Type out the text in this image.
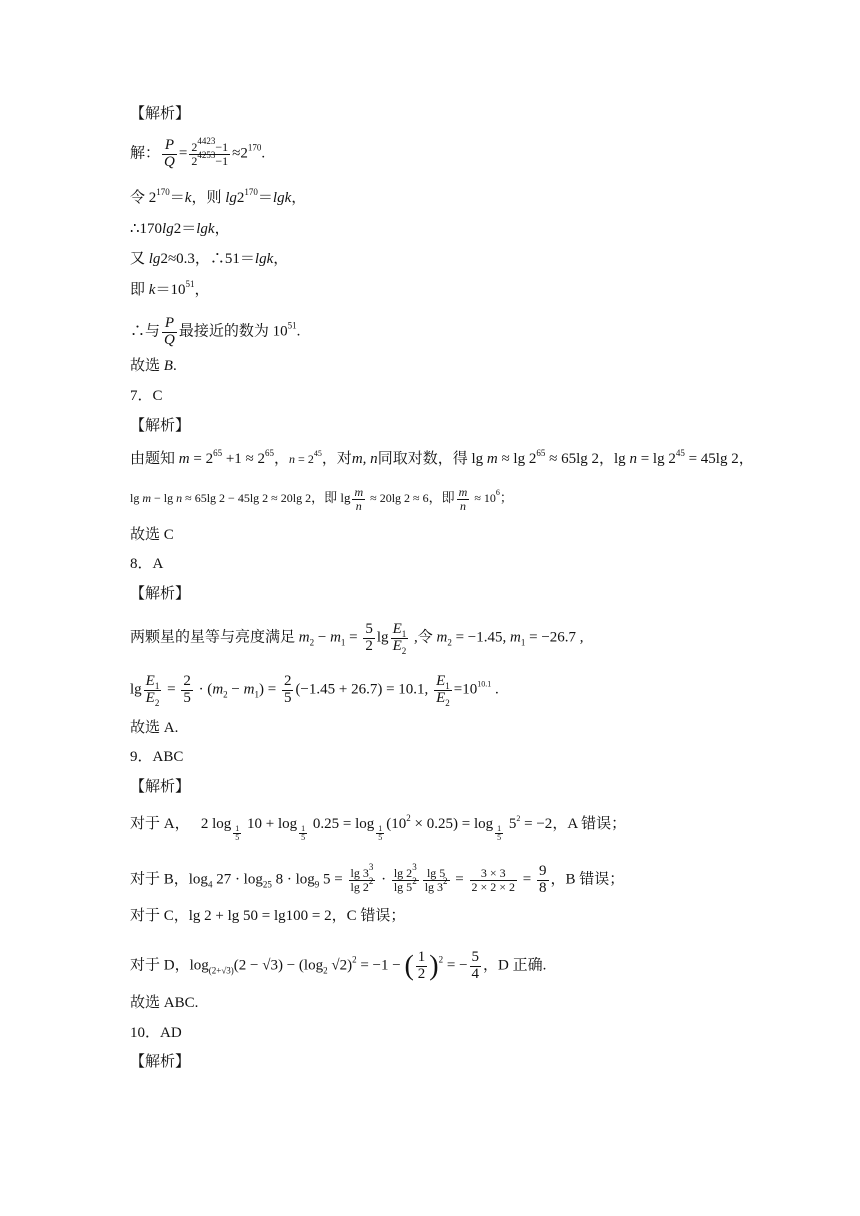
【解析】
解： $\frac{P}{Q} = \frac{2^{4423}-1}{2^{4253}-1} \approx 2^{170}$.
令 $2^{170}=k$，则 $\lg 2^{170}=\lg k$，
∴170lg2＝lgk，
又 lg2≈0.3，∴51＝lgk，
即 $k=10^{51}$，
∴与 $\frac{P}{Q}$ 最接近的数为 $10^{51}$.
故选 B.
7．C
【解析】
由题知 $m = 2^{65} +1 \approx 2^{65}$，$n = 2^{45}$，对m, n同取对数，得 $\lg m \approx \lg 2^{65} \approx 65\lg$ 2，$\lg n = \lg 2^{45} = 45\lg$ 2，
lg m − lg n ≈ 65lg 2 − 45lg 2 ≈ 20lg 2，即 $\lg \frac{m}{n} \approx 20\lg$ 2 ≈ 6，即 $\frac{m}{n} \approx 10^6$；
故选 C
8．A
【解析】
两颗星的星等与亮度满足 $m_2 - m_1 = \frac{5}{2}$ $\lg \frac{E_1}{E_2}$ ,令 $m_2 = -1.45$, $m_1 = -26.7$ ,
$\lg \frac{E_1}{E_2} = \frac{2}{5} \cdot (m_2 - m_1) = \frac{2}{5} (-1.45 + 26.7) = 10.1$, $\frac{E_1}{E_2} =10^{10.1}$ .
故选 A.
9．ABC
【解析】
对于 A， 2 log
$\frac{1}{5}$
10 + log
$\frac{1}{5}$
0.25 = log
$\frac{1}{5}$
$(10^2 \times 0.25) = \log$
$\frac{1}{5}$
$5^2 = -2$，A 错误；
对于 B，$\log_4 27 \cdot \log_{25} 8 \cdot \log_9 5 = \frac{\lg 3^3}{\lg 2^2} \cdot \frac{\lg 2^3}{\lg 5^2} \frac{\lg 5}{\lg 3^2} = \frac{3 \times 3}{2 \times 2 \times 2} = \frac{9}{8}$ ，B 错误；
对于 C，lg 2 + lg 50 = lg100 = 2，C 错误；
对于 D，$\log_{(2+√3)}(2 - √3) - (\log_2$ √2)$^2$ = −1 − ( $\frac{1}{2} )^2$ = − $\frac{5}{4}$ ，D 正确.
故选 ABC.
10．AD
【解析】
